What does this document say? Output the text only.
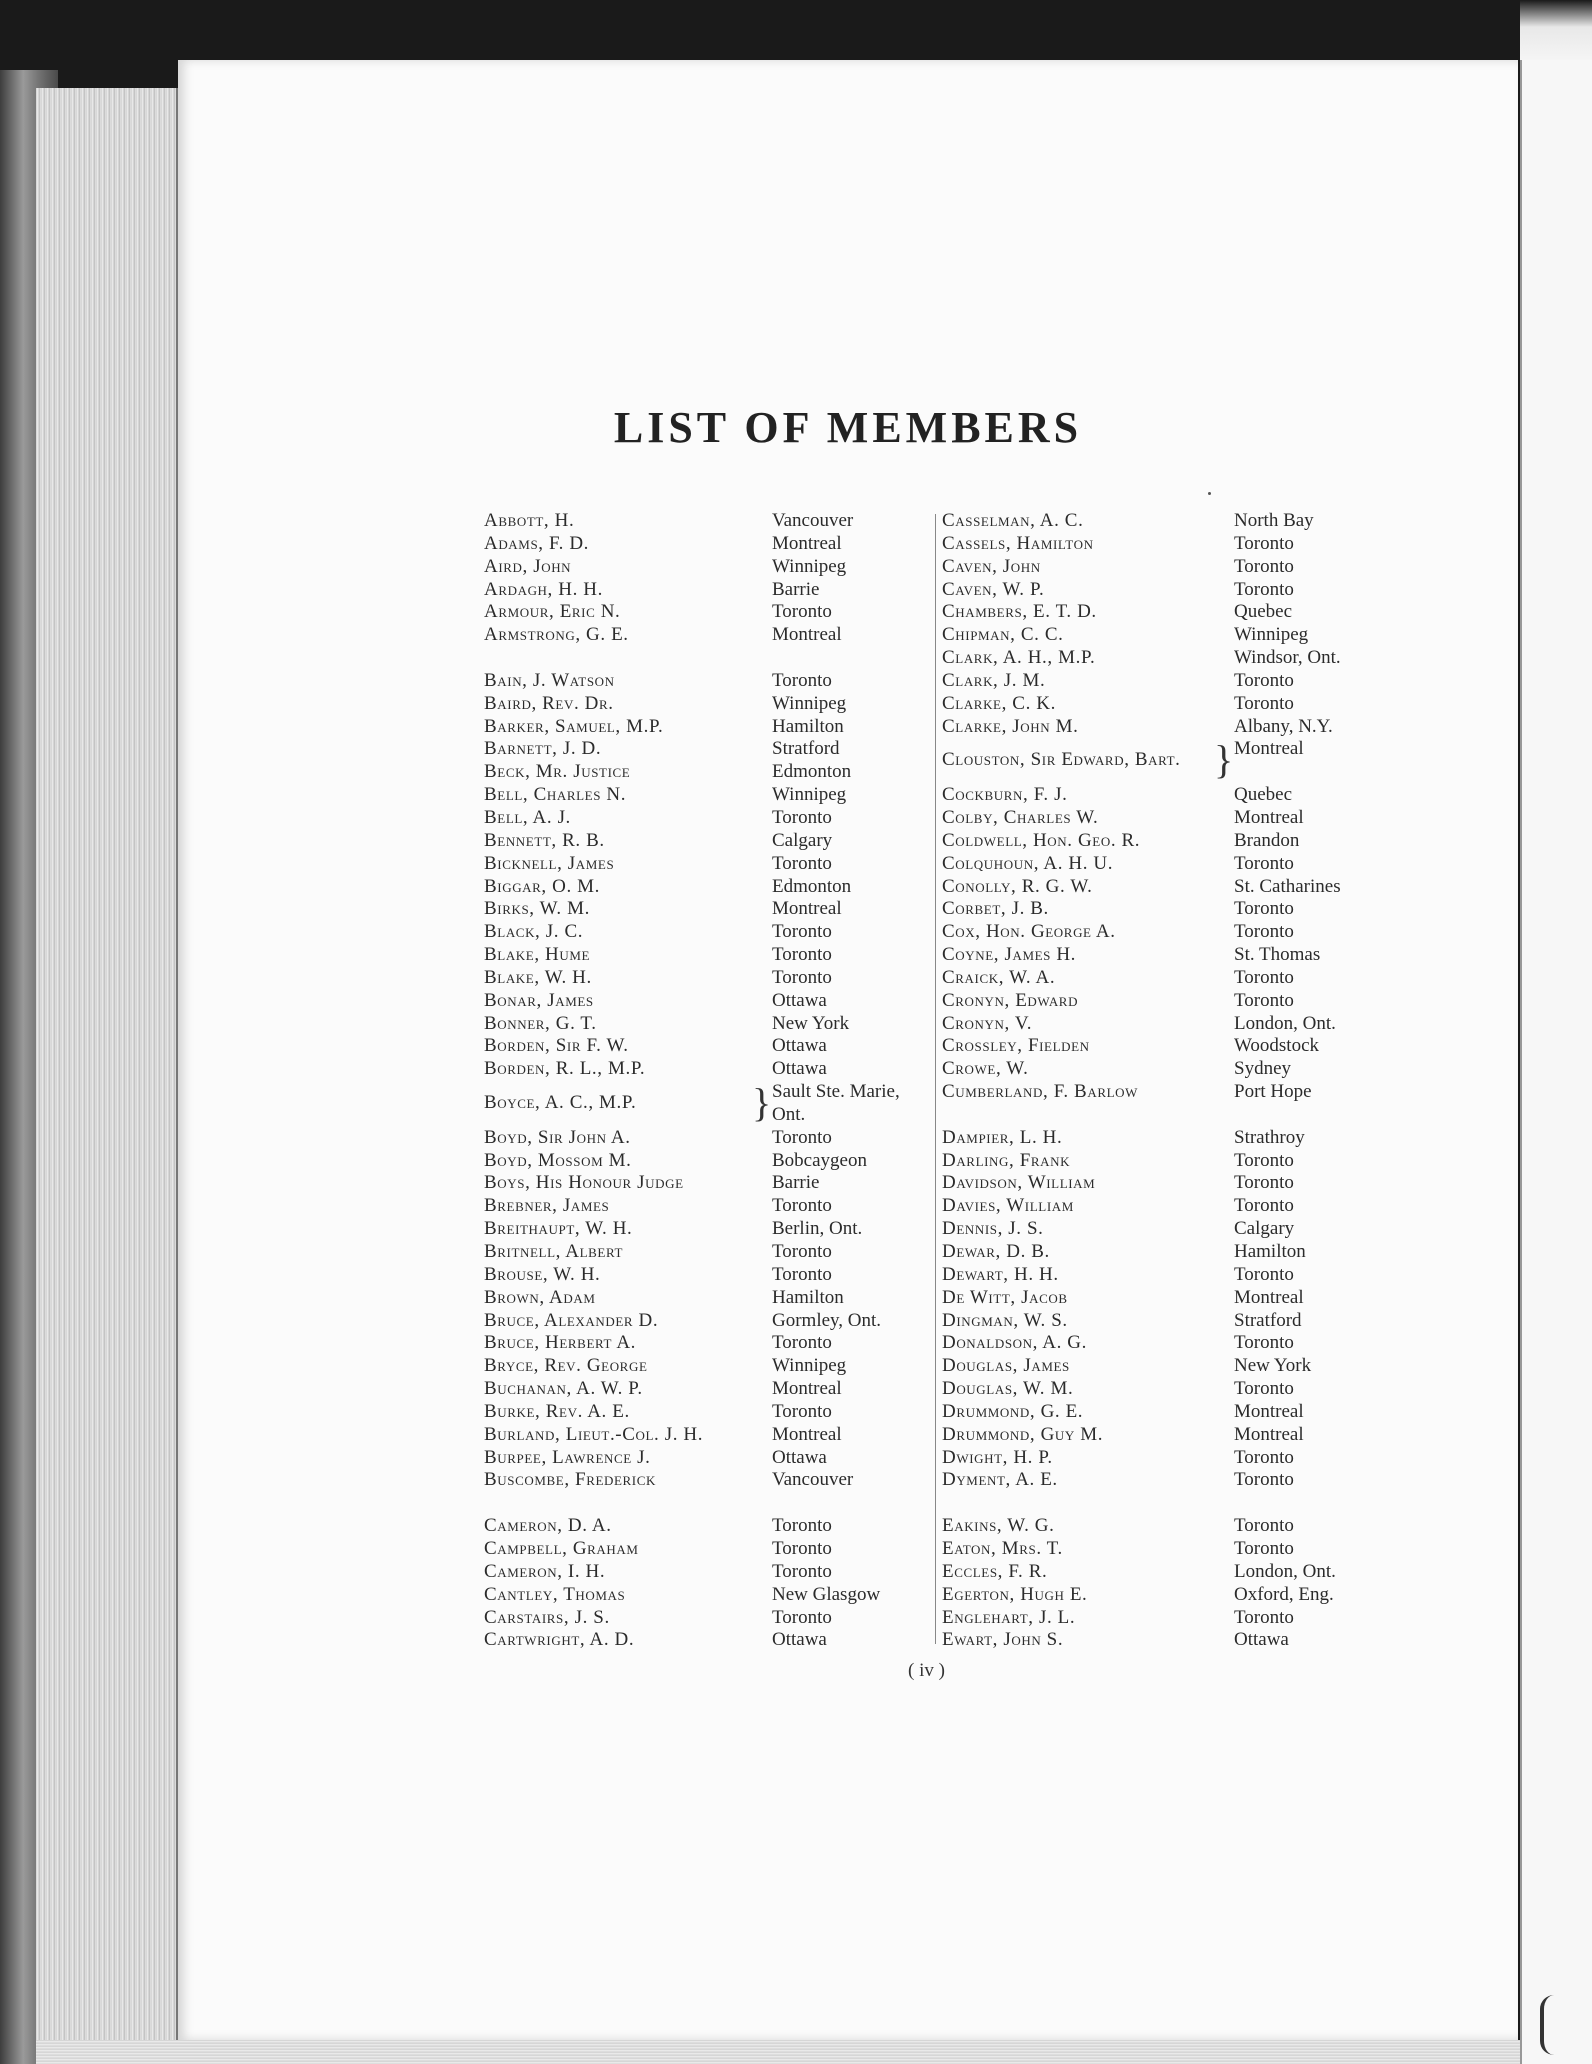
LIST OF MEMBERS
Abbott, H.	Vancouver
Adams, F. D.	Montreal
Aird, John	Winnipeg
Ardagh, H. H.	Barrie
Armour, Eric N.	Toronto
Armstrong, G. E.	Montreal
Bain, J. Watson	Toronto
Baird, Rev. Dr.	Winnipeg
Barker, Samuel, M.P.	Hamilton
Barnett, J. D.	Stratford
Beck, Mr. Justice	Edmonton
Bell, Charles N.	Winnipeg
Bell, A. J.	Toronto
Bennett, R. B.	Calgary
Bicknell, James	Toronto
Biggar, O. M.	Edmonton
Birks, W. M.	Montreal
Black, J. C.	Toronto
Blake, Hume	Toronto
Blake, W. H.	Toronto
Bonar, James	Ottawa
Bonner, G. T.	New York
Borden, Sir F. W.	Ottawa
Borden, R. L., M.P.	Ottawa
Boyce, A. C., M.P.	} Sault Ste. Marie, Ont.
Boyd, Sir John A.	Toronto
Boyd, Mossom M.	Bobcaygeon
Boys, His Honour Judge	Barrie
Brebner, James	Toronto
Breithaupt, W. H.	Berlin, Ont.
Britnell, Albert	Toronto
Brouse, W. H.	Toronto
Brown, Adam	Hamilton
Bruce, Alexander D.	Gormley, Ont.
Bruce, Herbert A.	Toronto
Bryce, Rev. George	Winnipeg
Buchanan, A. W. P.	Montreal
Burke, Rev. A. E.	Toronto
Burland, Lieut.-Col. J. H.	Montreal
Burpee, Lawrence J.	Ottawa
Buscombe, Frederick	Vancouver
Cameron, D. A.	Toronto
Campbell, Graham	Toronto
Cameron, I. H.	Toronto
Cantley, Thomas	New Glasgow
Carstairs, J. S.	Toronto
Cartwright, A. D.	Ottawa
Casselman, A. C.	North Bay
Cassels, Hamilton	Toronto
Caven, John	Toronto
Caven, W. P.	Toronto
Chambers, E. T. D.	Quebec
Chipman, C. C.	Winnipeg
Clark, A. H., M.P.	Windsor, Ont.
Clark, J. M.	Toronto
Clarke, C. K.	Toronto
Clarke, John M.	Albany, N.Y.
Clouston, Sir Edward, Bart. } Montreal
Cockburn, F. J.	Quebec
Colby, Charles W.	Montreal
Coldwell, Hon. Geo. R.	Brandon
Colquhoun, A. H. U.	Toronto
Conolly, R. G. W.	St. Catharines
Corbet, J. B.	Toronto
Cox, Hon. George A.	Toronto
Coyne, James H.	St. Thomas
Craick, W. A.	Toronto
Cronyn, Edward	Toronto
Cronyn, V.	London, Ont.
Crossley, Fielden	Woodstock
Crowe, W.	Sydney
Cumberland, F. Barlow	Port Hope
Dampier, L. H.	Strathroy
Darling, Frank	Toronto
Davidson, William	Toronto
Davies, William	Toronto
Dennis, J. S.	Calgary
Dewar, D. B.	Hamilton
Dewart, H. H.	Toronto
De Witt, Jacob	Montreal
Dingman, W. S.	Stratford
Donaldson, A. G.	Toronto
Douglas, James	New York
Douglas, W. M.	Toronto
Drummond, G. E.	Montreal
Drummond, Guy M.	Montreal
Dwight, H. P.	Toronto
Dyment, A. E.	Toronto
Eakins, W. G.	Toronto
Eaton, Mrs. T.	Toronto
Eccles, F. R.	London, Ont.
Egerton, Hugh E.	Oxford, Eng.
Englehart, J. L.	Toronto
Ewart, John S.	Ottawa
( iv )
